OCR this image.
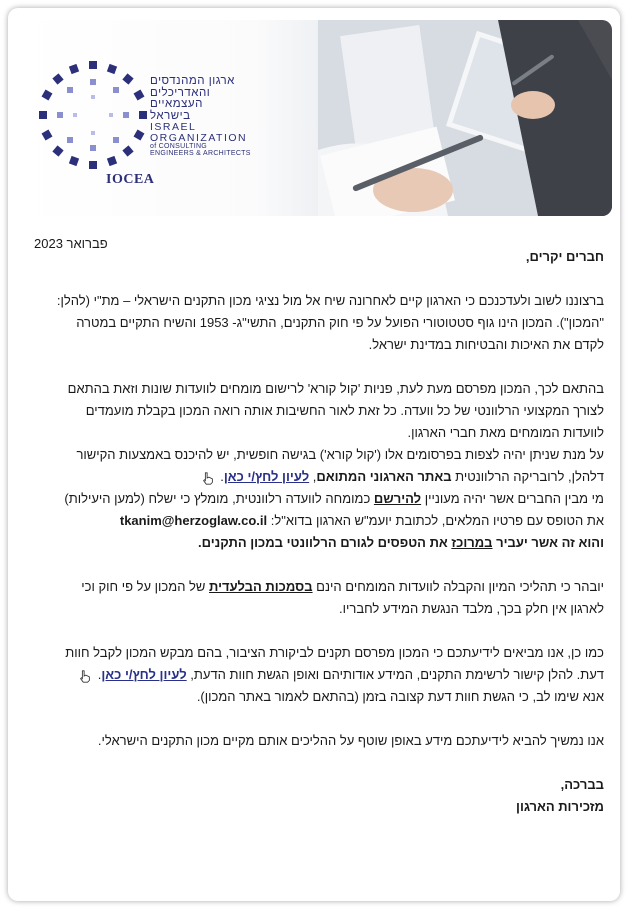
ארגון המהנדסים
והאדריכלים
העצמאיים
בישראל
ISRAEL
ORGANIZATION
of CONSULTING
ENGINEERS & ARCHITECTS
IOCEA
פברואר 2023

חברים יקרים,

ברצוננו לשוב ולעדכנכם כי הארגון קיים לאחרונה שיח אל מול נציגי מכון התקנים הישראלי – מת"י (להלן: "המכון"). המכון הינו גוף סטטוטורי הפועל על פי חוק התקנים, התשי"ג- 1953 והשיח התקיים במטרה לקדם את האיכות והבטיחות במדינת ישראל.

בהתאם לכך, המכון מפרסם מעת לעת, פניות 'קול קורא' לרישום מומחים לוועדות שונות וזאת בהתאם לצורך המקצועי הרלוונטי של כל וועדה. כל זאת לאור החשיבות אותה רואה המכון בקבלת מועמדים לוועדות המומחים מאת חברי הארגון.

על מנת שניתן יהיה לצפות בפרסומים אלו ('קול קורא') בגישה חופשית, יש להיכנס באמצעות הקישור דלהלן, לרובריקה הרלוונטית באתר הארגוני המתואם, לעיון לחץ/י כאן.

מי מבין החברים אשר יהיה מעוניין להירשם כמומחה לוועדה רלוונטית, מומלץ כי ישלח (למען היעילות) את הטופס עם פרטיו המלאים, לכתובת יועמ"ש הארגון בדוא"ל: tkanim@herzoglaw.co.il

והוא זה אשר יעביר במרוכז את הטפסים לגורם הרלוונטי במכון התקנים.

יובהר כי תהליכי המיון והקבלה לוועדות המומחים הינם בסמכות הבלעדית של המכון על פי חוק וכי לארגון אין חלק בכך, מלבד הנגשת המידע לחבריו.

כמו כן, אנו מביאים לידיעתכם כי המכון מפרסם תקנים לביקורת הציבור, בהם מבקש המכון לקבל חוות דעת. להלן קישור לרשימת התקנים, המידע אודותיהם ואופן הגשת חוות הדעת, לעיון לחץ/י כאן.

אנא שימו לב, כי הגשת חוות דעת קצובה בזמן (בהתאם לאמור באתר המכון).

אנו נמשיך להביא לידיעתכם מידע באופן שוטף על ההליכים אותם מקיים מכון התקנים הישראלי.

בברכה,

מזכירות הארגון
